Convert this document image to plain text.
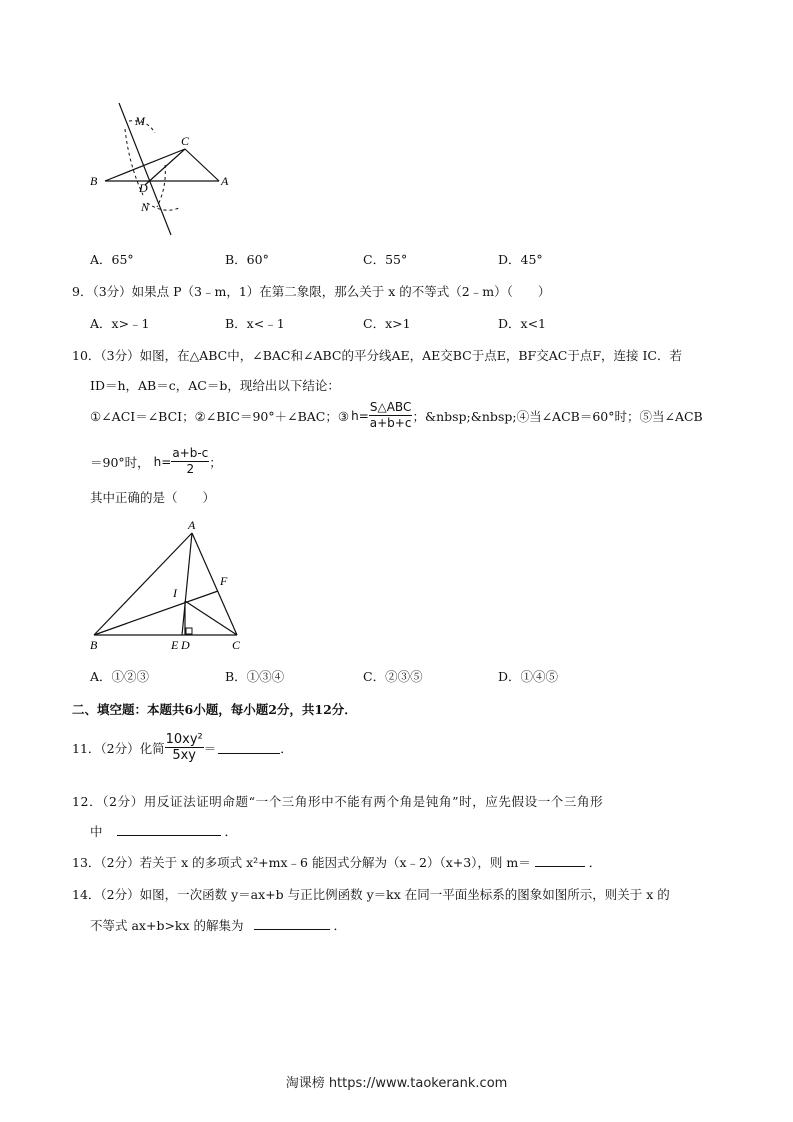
M
C
B	D	A
N
A．65°	B．60°	C．55°	D．45°
9．（3分）如果点 P（3﹣m，1）在第二象限，那么关于 x 的不等式（2﹣m）（　　）
A．x>﹣1	B．x<﹣1	C．x>1	D．x<1
10．（3分）如图，在△ABC中，∠BAC和∠ABC的平分线AE，AE交BC于点E，BF交AC于点F，连接 IC．若
ID＝h，AB＝c，AC＝b，现给出以下结论：
①∠ACI＝∠BCI；②∠BIC＝90°＋∠BAC；③ $h= \frac{\text{S△ABC}}{a+b+c}$ ；&nbsp;&nbsp;④当∠ACB＝60°时；⑤当∠ACB
＝90°时， $h= \frac{a+b-c}{2}$ ；
其中正确的是（　　）
A
F
I
B	E D	C
A．①②③	B．①③④	C．②③⑤	D．①④⑤
二、填空题：本题共6小题，每小题2分，共12分．
11．（2分）化简 $\frac{\text{10xy²}}{5xy}$ ＝	．
12．（2分）用反证法证明命题“一个三角形中不能有两个角是钝角”时，应先假设一个三角形
中	．
13．（2分）若关于 x 的多项式 x²+mx﹣6 能因式分解为（x﹣2）（x+3），则 m＝	．
14．（2分）如图，一次函数 y＝ax+b 与正比例函数 y＝kx 在同一平面坐标系的图象如图所示，则关于 x 的
不等式 ax+b>kx 的解集为	．
淘课榜 https://www.taokerank.com
